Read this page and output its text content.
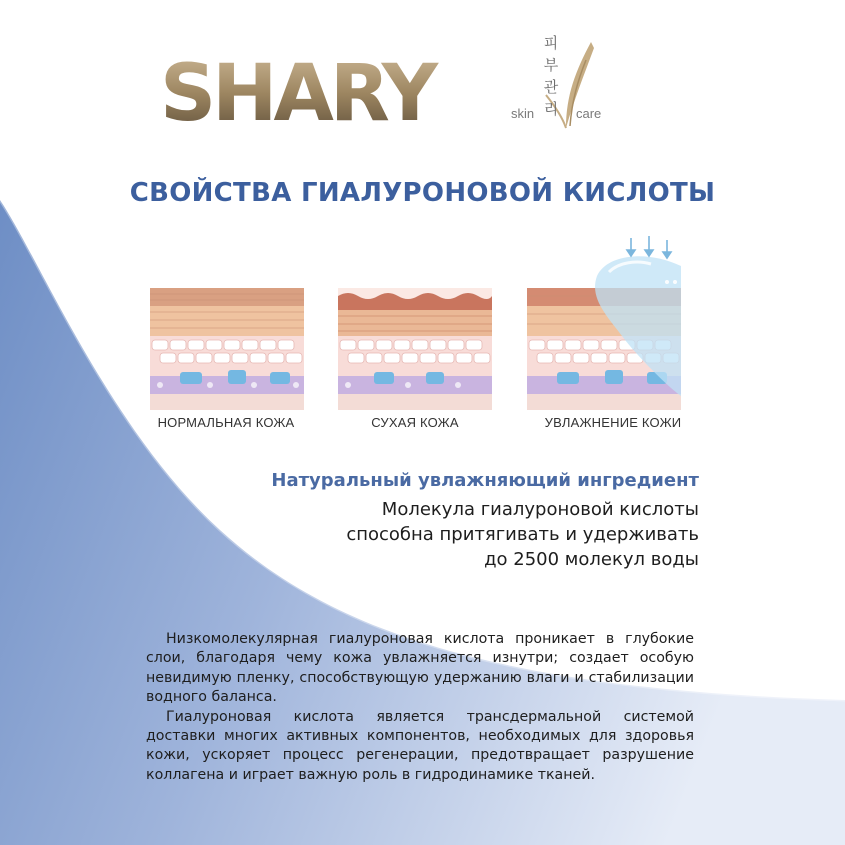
SHARY
피
부
관
리
skin	care
СВОЙСТВА ГИАЛУРОНОВОЙ КИСЛОТЫ
НОРМАЛЬНАЯ КОЖА	СУХАЯ КОЖА	УВЛАЖНЕНИЕ КОЖИ
Натуральный увлажняющий ингредиент
Молекула гиалуроновой кислоты
способна притягивать и удерживать
до 2500 молекул воды

Низкомолекулярная гиалуроновая кислота проникает в глубокие слои, благодаря чему кожа увлажняется изнутри; создает особую невидимую пленку, способствующую удержанию влаги и стабилизации водного баланса.

Гиалуроновая кислота является трансдермальной системой доставки многих активных компонентов, необходимых для здоровья кожи, ускоряет процесс регенерации, предотвращает разрушение коллагена и играет важную роль в гидродинамике тканей.
